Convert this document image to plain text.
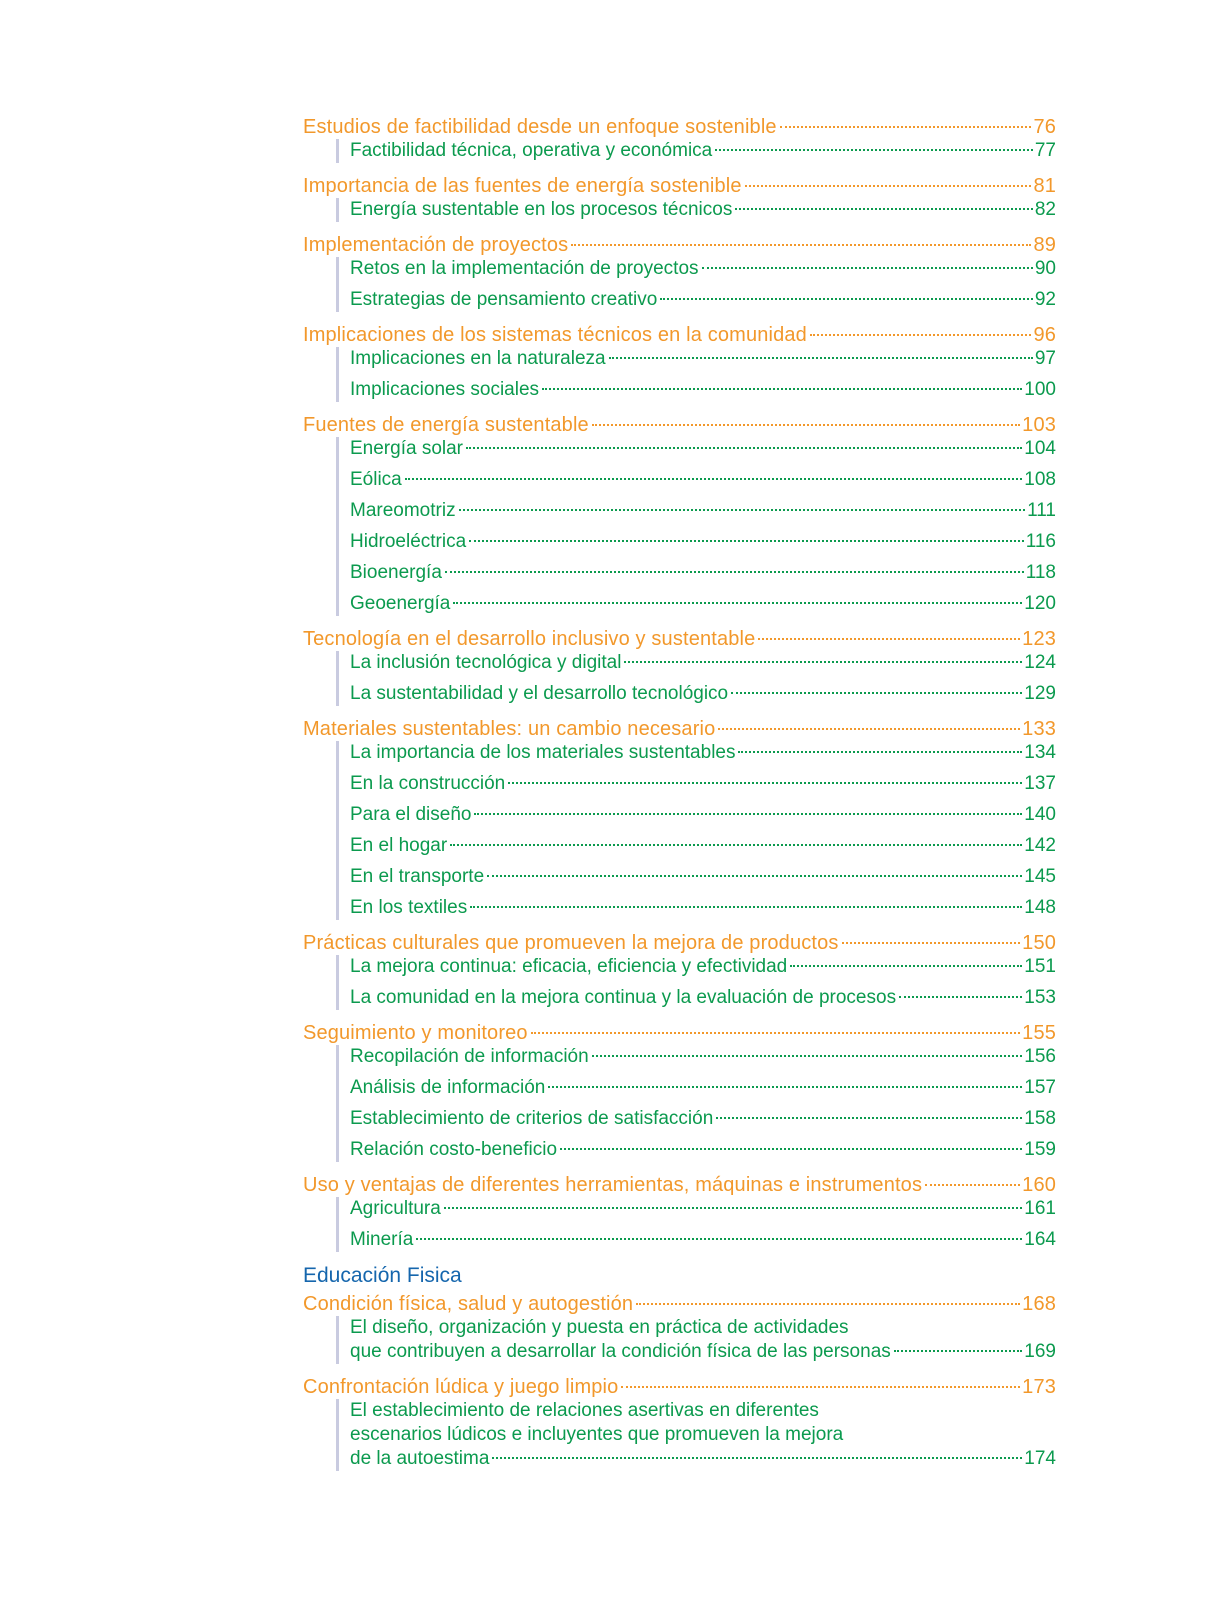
Estudios de factibilidad desde un enfoque sostenible	76
Factibilidad técnica, operativa y económica	77
Importancia de las fuentes de energía sostenible	81
Energía sustentable en los procesos técnicos	82
Implementación de proyectos	89
Retos en la implementación de proyectos	90
Estrategias de pensamiento creativo	92
Implicaciones de los sistemas técnicos en la comunidad	96
Implicaciones en la naturaleza	97
Implicaciones sociales	100
Fuentes de energía sustentable	103
Energía solar	104
Eólica	108
Mareomotriz	111
Hidroeléctrica	116
Bioenergía	118
Geoenergía	120
Tecnología en el desarrollo inclusivo y sustentable	123
La inclusión tecnológica y digital	124
La sustentabilidad y el desarrollo tecnológico	129
Materiales sustentables: un cambio necesario	133
La importancia de los materiales sustentables	134
En la construcción	137
Para el diseño	140
En el hogar	142
En el transporte	145
En los textiles	148
Prácticas culturales que promueven la mejora de productos	150
La mejora continua: eficacia, eficiencia y efectividad	151
La comunidad en la mejora continua y la evaluación de procesos	153
Seguimiento y monitoreo	155
Recopilación de información	156
Análisis de información	157
Establecimiento de criterios de satisfacción	158
Relación costo-beneficio	159
Uso y ventajas de diferentes herramientas, máquinas e instrumentos	160
Agricultura	161
Minería	164
Educación Fisica
Condición física, salud y autogestión	168
El diseño, organización y puesta en práctica de actividades
que contribuyen a desarrollar la condición física de las personas	169
Confrontación lúdica y juego limpio	173
El establecimiento de relaciones asertivas en diferentes
escenarios lúdicos e incluyentes que promueven la mejora
de la autoestima	174
